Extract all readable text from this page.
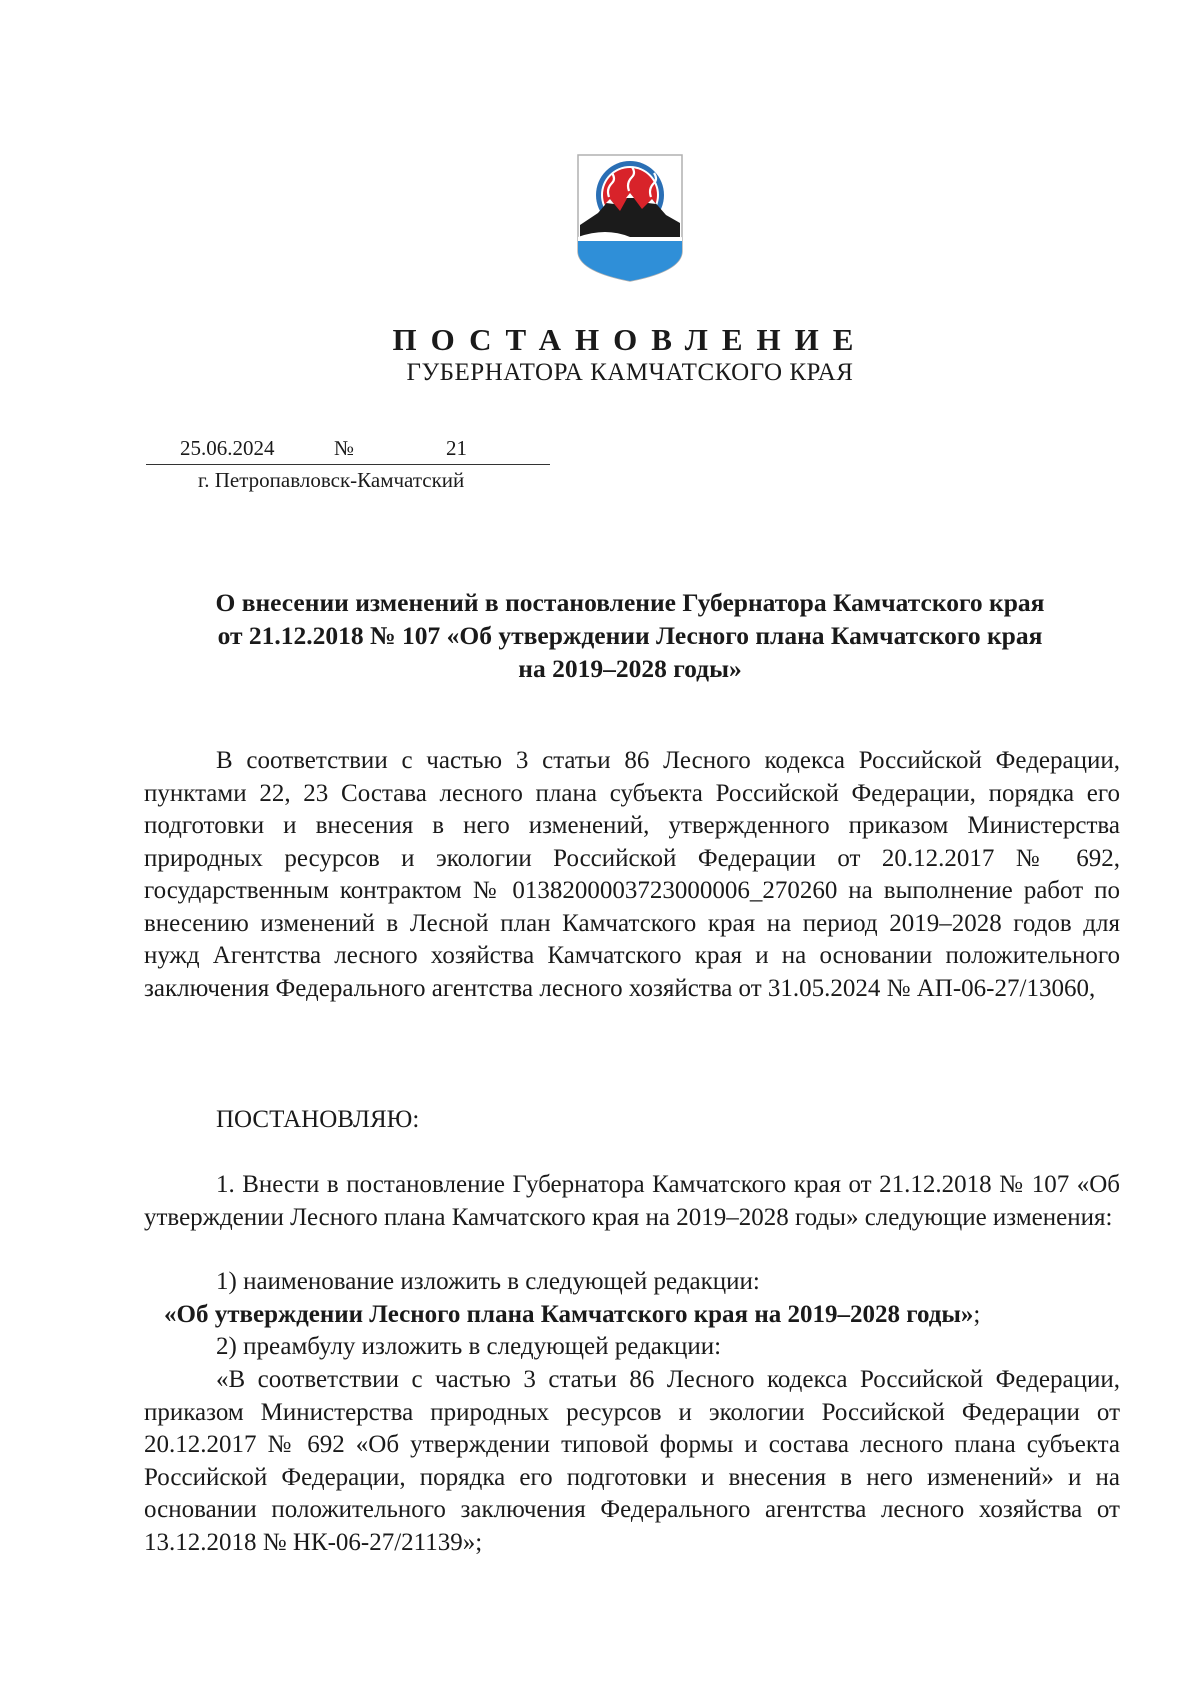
ПОСТАНОВЛЕНИЕ
ГУБЕРНАТОРА КАМЧАТСКОГО КРАЯ
25.06.2024	№	21
г. Петропавловск-Камчатский
О внесении изменений в постановление Губернатора Камчатского края
от 21.12.2018 № 107 «Об утверждении Лесного плана Камчатского края
на 2019–2028 годы»
В соответствии с частью 3 статьи 86 Лесного кодекса Российской Федерации, пунктами 22, 23 Состава лесного плана субъекта Российской Федерации, порядка его подготовки и внесения в него изменений, утвержденного приказом Министерства природных ресурсов и экологии Российской Федерации от 20.12.2017 № 692, государственным контрактом № 0138200003723000006_270260 на выполнение работ по внесению изменений в Лесной план Камчатского края на период 2019–2028 годов для нужд Агентства лесного хозяйства Камчатского края и на основании положительного заключения Федерального агентства лесного хозяйства от 31.05.2024 № АП-06-27/13060,
ПОСТАНОВЛЯЮ:
1. Внести в постановление Губернатора Камчатского края от 21.12.2018 № 107 «Об утверждении Лесного плана Камчатского края на 2019–2028 годы» следующие изменения:
1) наименование изложить в следующей редакции:
«Об утверждении Лесного плана Камчатского края на 2019–2028 годы»;
2) преамбулу изложить в следующей редакции:
«В соответствии с частью 3 статьи 86 Лесного кодекса Российской Федерации, приказом Министерства природных ресурсов и экологии Российской Федерации от 20.12.2017 № 692 «Об утверждении типовой формы и состава лесного плана субъекта Российской Федерации, порядка его подготовки и внесения в него изменений» и на основании положительного заключения Федерального агентства лесного хозяйства от 13.12.2018 № НК-06-27/21139»;
